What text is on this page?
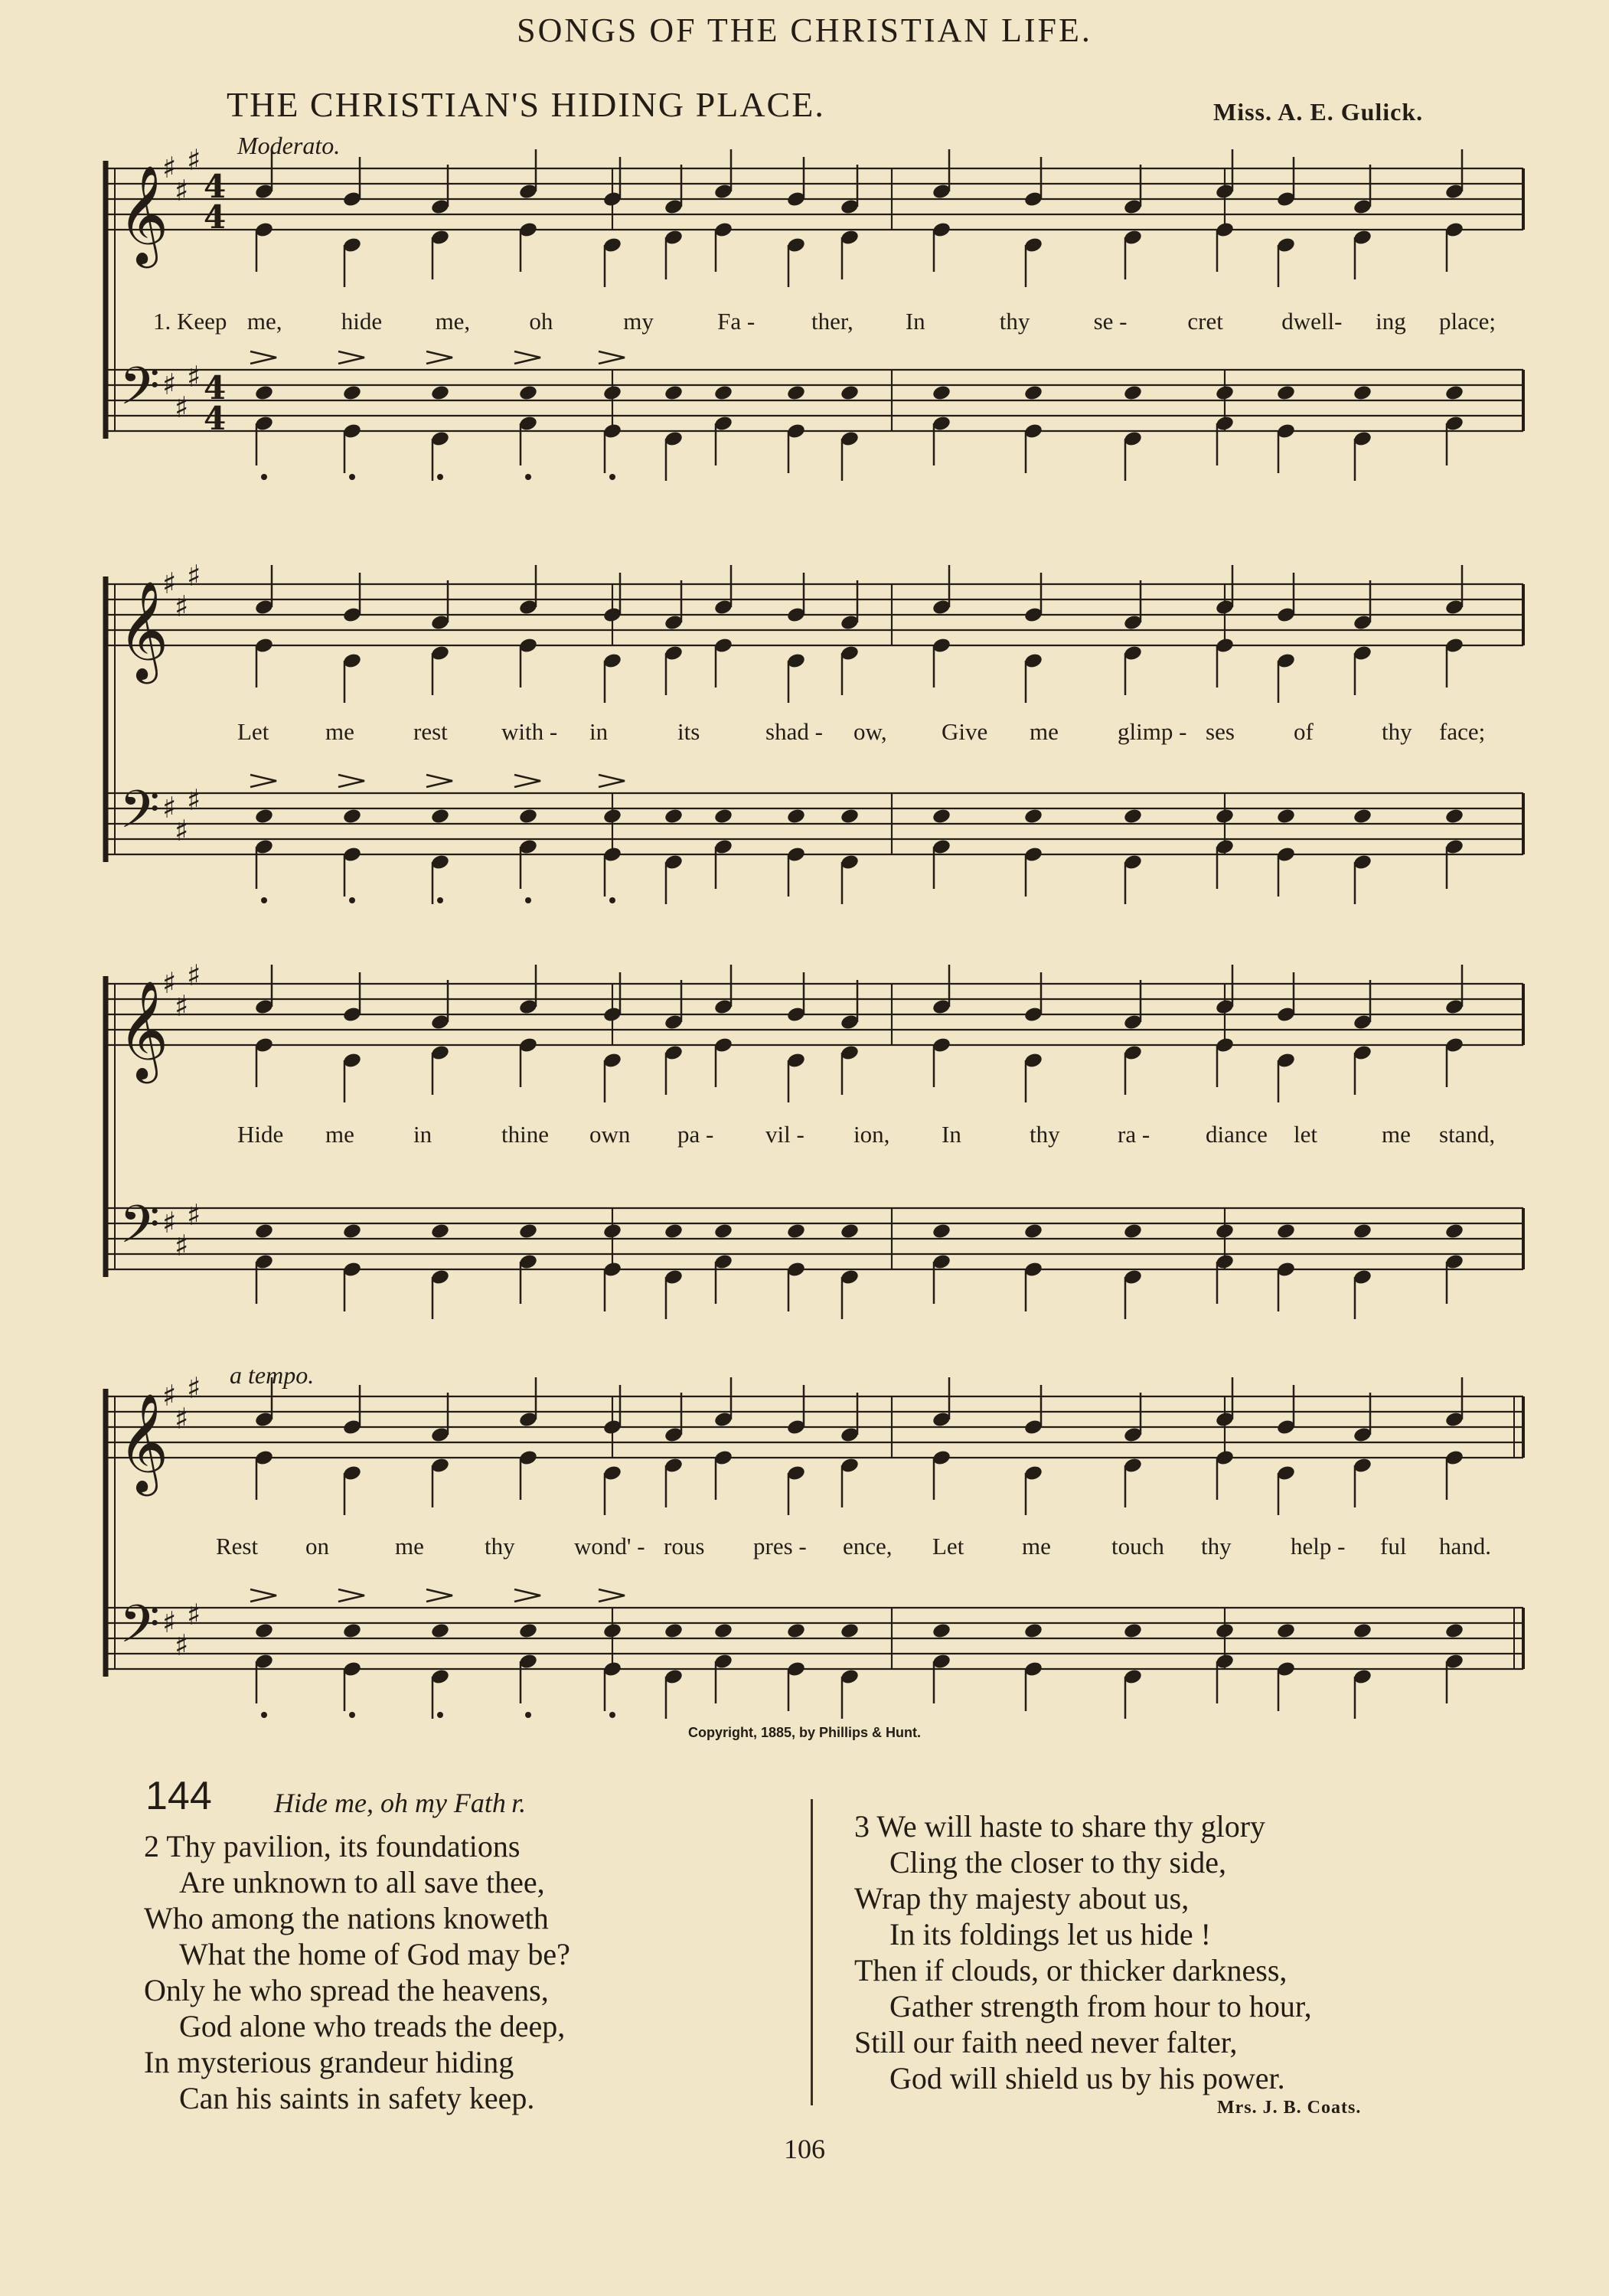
SONGS OF THE CHRISTIAN LIFE.
THE CHRISTIAN'S HIDING PLACE.	Miss. A. E. Gulick.
𝄞
𝄢
♯
♯
♯
♯
♯
♯
4
4
4
4
𝄞
𝄢
♯
♯
♯
♯
♯
♯
𝄞
𝄢
♯
♯
♯
♯
♯
♯
𝄞
𝄢
♯
♯
♯
♯
♯
♯
Moderato.
a tempo.
1. Keep me, hide me, oh	my	Fa - ther, In	thy	se -	cret dwell- ing place;
Let me rest with - in	its	shad - ow, Give me glimp - ses of	thy face;
Hide me in	thine own pa - vil - ion, In	thy ra - diance let	me stand,
Rest on	me	thy wond' - rous pres - ence, Let me	touch thy help - ful hand.
Copyright, 1885, by Phillips & Hunt.
144 Hide me, oh my Fath r.
2 Thy pavilion, its foundations
Are unknown to all save thee,
Who among the nations knoweth
What the home of God may be?
Only he who spread the heavens,
God alone who treads the deep,
In mysterious grandeur hiding
Can his saints in safety keep.
3 We will haste to share thy glory
Cling the closer to thy side,
Wrap thy majesty about us,
In its foldings let us hide !
Then if clouds, or thicker darkness,
Gather strength from hour to hour,
Still our faith need never falter,
God will shield us by his power.
Mrs. J. B. Coats.
106
